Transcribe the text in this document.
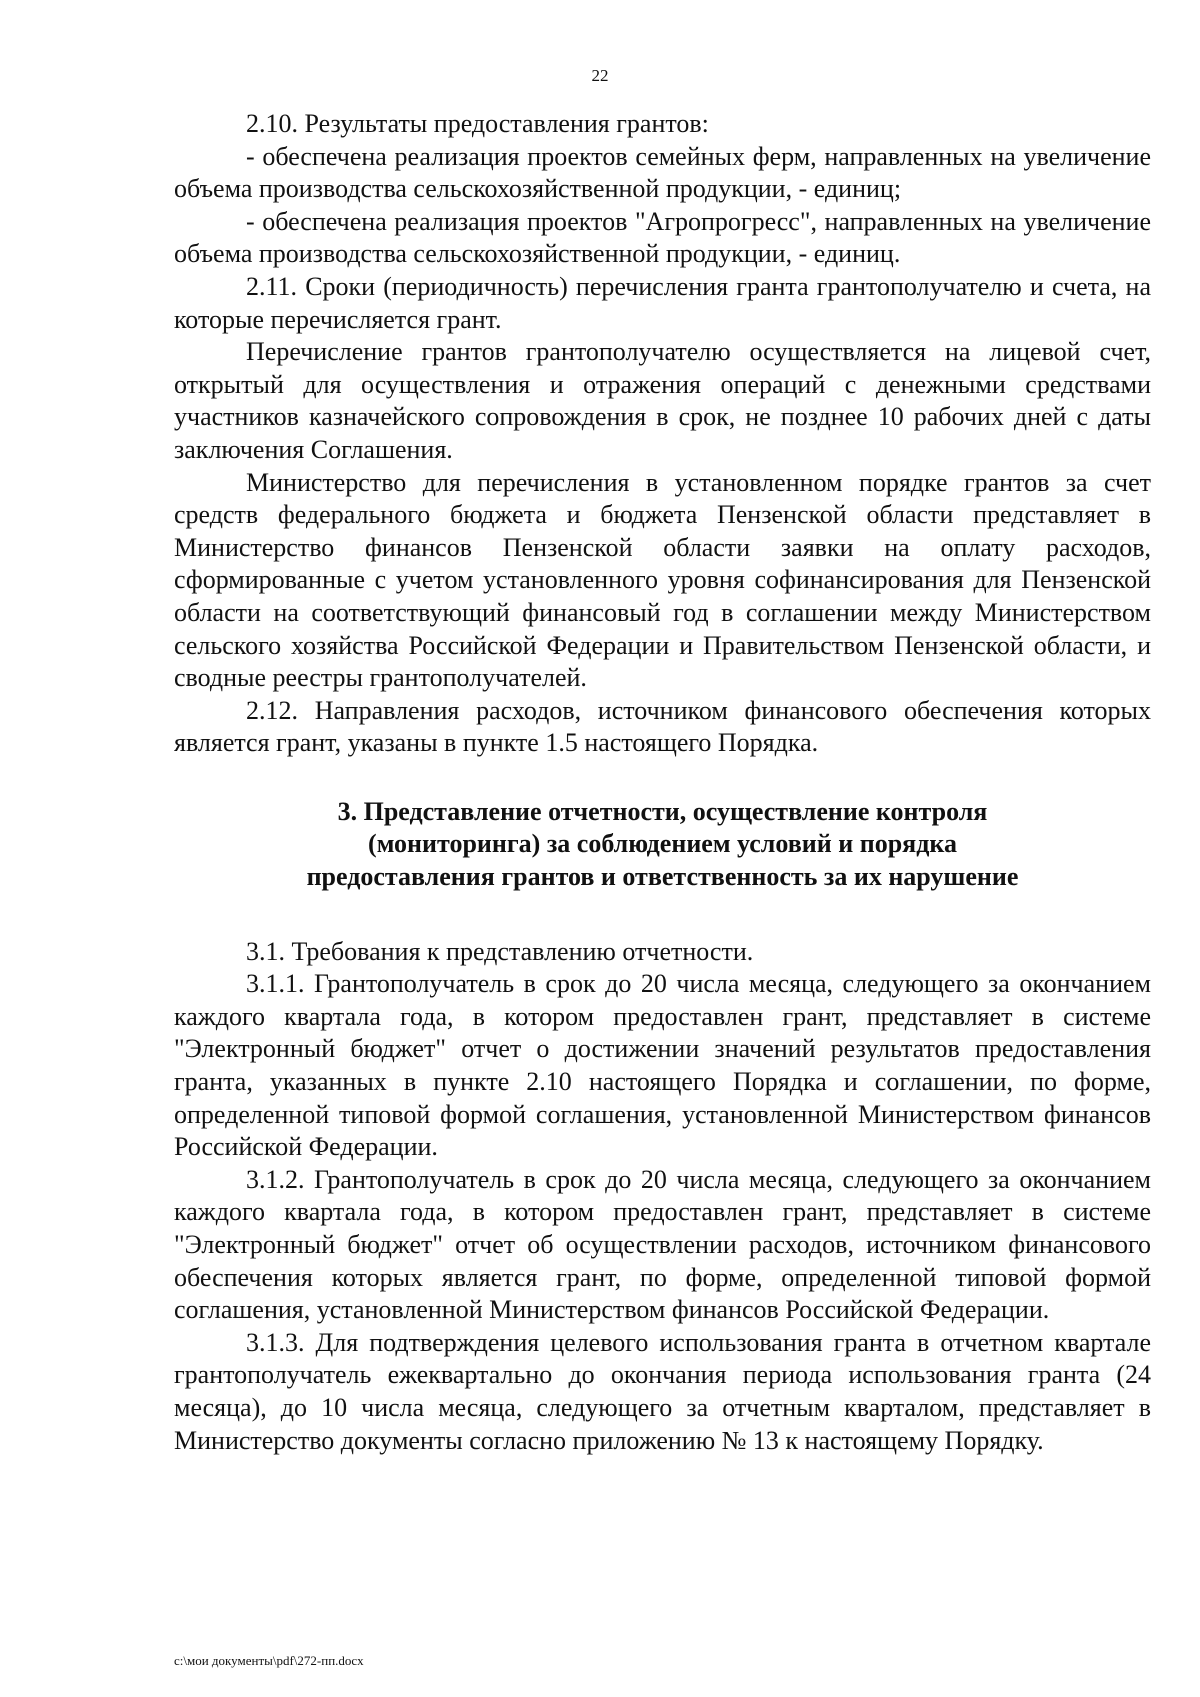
22

2.10. Результаты предоставления грантов:

- обеспечена реализация проектов семейных ферм, направленных на увеличение объема производства сельскохозяйственной продукции, - единиц;

- обеспечена реализация проектов "Агропрогресс", направленных на увеличение объема производства сельскохозяйственной продукции, - единиц.

2.11. Сроки (периодичность) перечисления гранта грантополучателю и счета, на которые перечисляется грант.

Перечисление грантов грантополучателю осуществляется на лицевой счет, открытый для осуществления и отражения операций с денежными средствами участников казначейского сопровождения в срок, не позднее 10 рабочих дней с даты заключения Соглашения.

Министерство для перечисления в установленном порядке грантов за счет средств федерального бюджета и бюджета Пензенской области представляет в Министерство финансов Пензенской области заявки на оплату расходов, сформированные с учетом установленного уровня софинансирования для Пензенской области на соответствующий финансовый год в соглашении между Министерством сельского хозяйства Российской Федерации и Правительством Пензенской области, и сводные реестры грантополучателей.

2.12. Направления расходов, источником финансового обеспечения которых является грант, указаны в пункте 1.5 настоящего Порядка.

3. Представление отчетности, осуществление контроля
(мониторинга) за соблюдением условий и порядка
предоставления грантов и ответственность за их нарушение

3.1. Требования к представлению отчетности.

3.1.1. Грантополучатель в срок до 20 числа месяца, следующего за окончанием каждого квартала года, в котором предоставлен грант, представляет в системе "Электронный бюджет" отчет о достижении значений результатов предоставления гранта, указанных в пункте 2.10 настоящего Порядка и соглашении, по форме, определенной типовой формой соглашения, установленной Министерством финансов Российской Федерации.

3.1.2. Грантополучатель в срок до 20 числа месяца, следующего за окончанием каждого квартала года, в котором предоставлен грант, представляет в системе "Электронный бюджет" отчет об осуществлении расходов, источником финансового обеспечения которых является грант, по форме, определенной типовой формой соглашения, установленной Министерством финансов Российской Федерации.

3.1.3. Для подтверждения целевого использования гранта в отчетном квартале грантополучатель ежеквартально до окончания периода использования гранта (24 месяца), до 10 числа месяца, следующего за отчетным кварталом, представляет в Министерство документы согласно приложению № 13 к настоящему Порядку.

c:\мои документы\pdf\272-пп.docx
